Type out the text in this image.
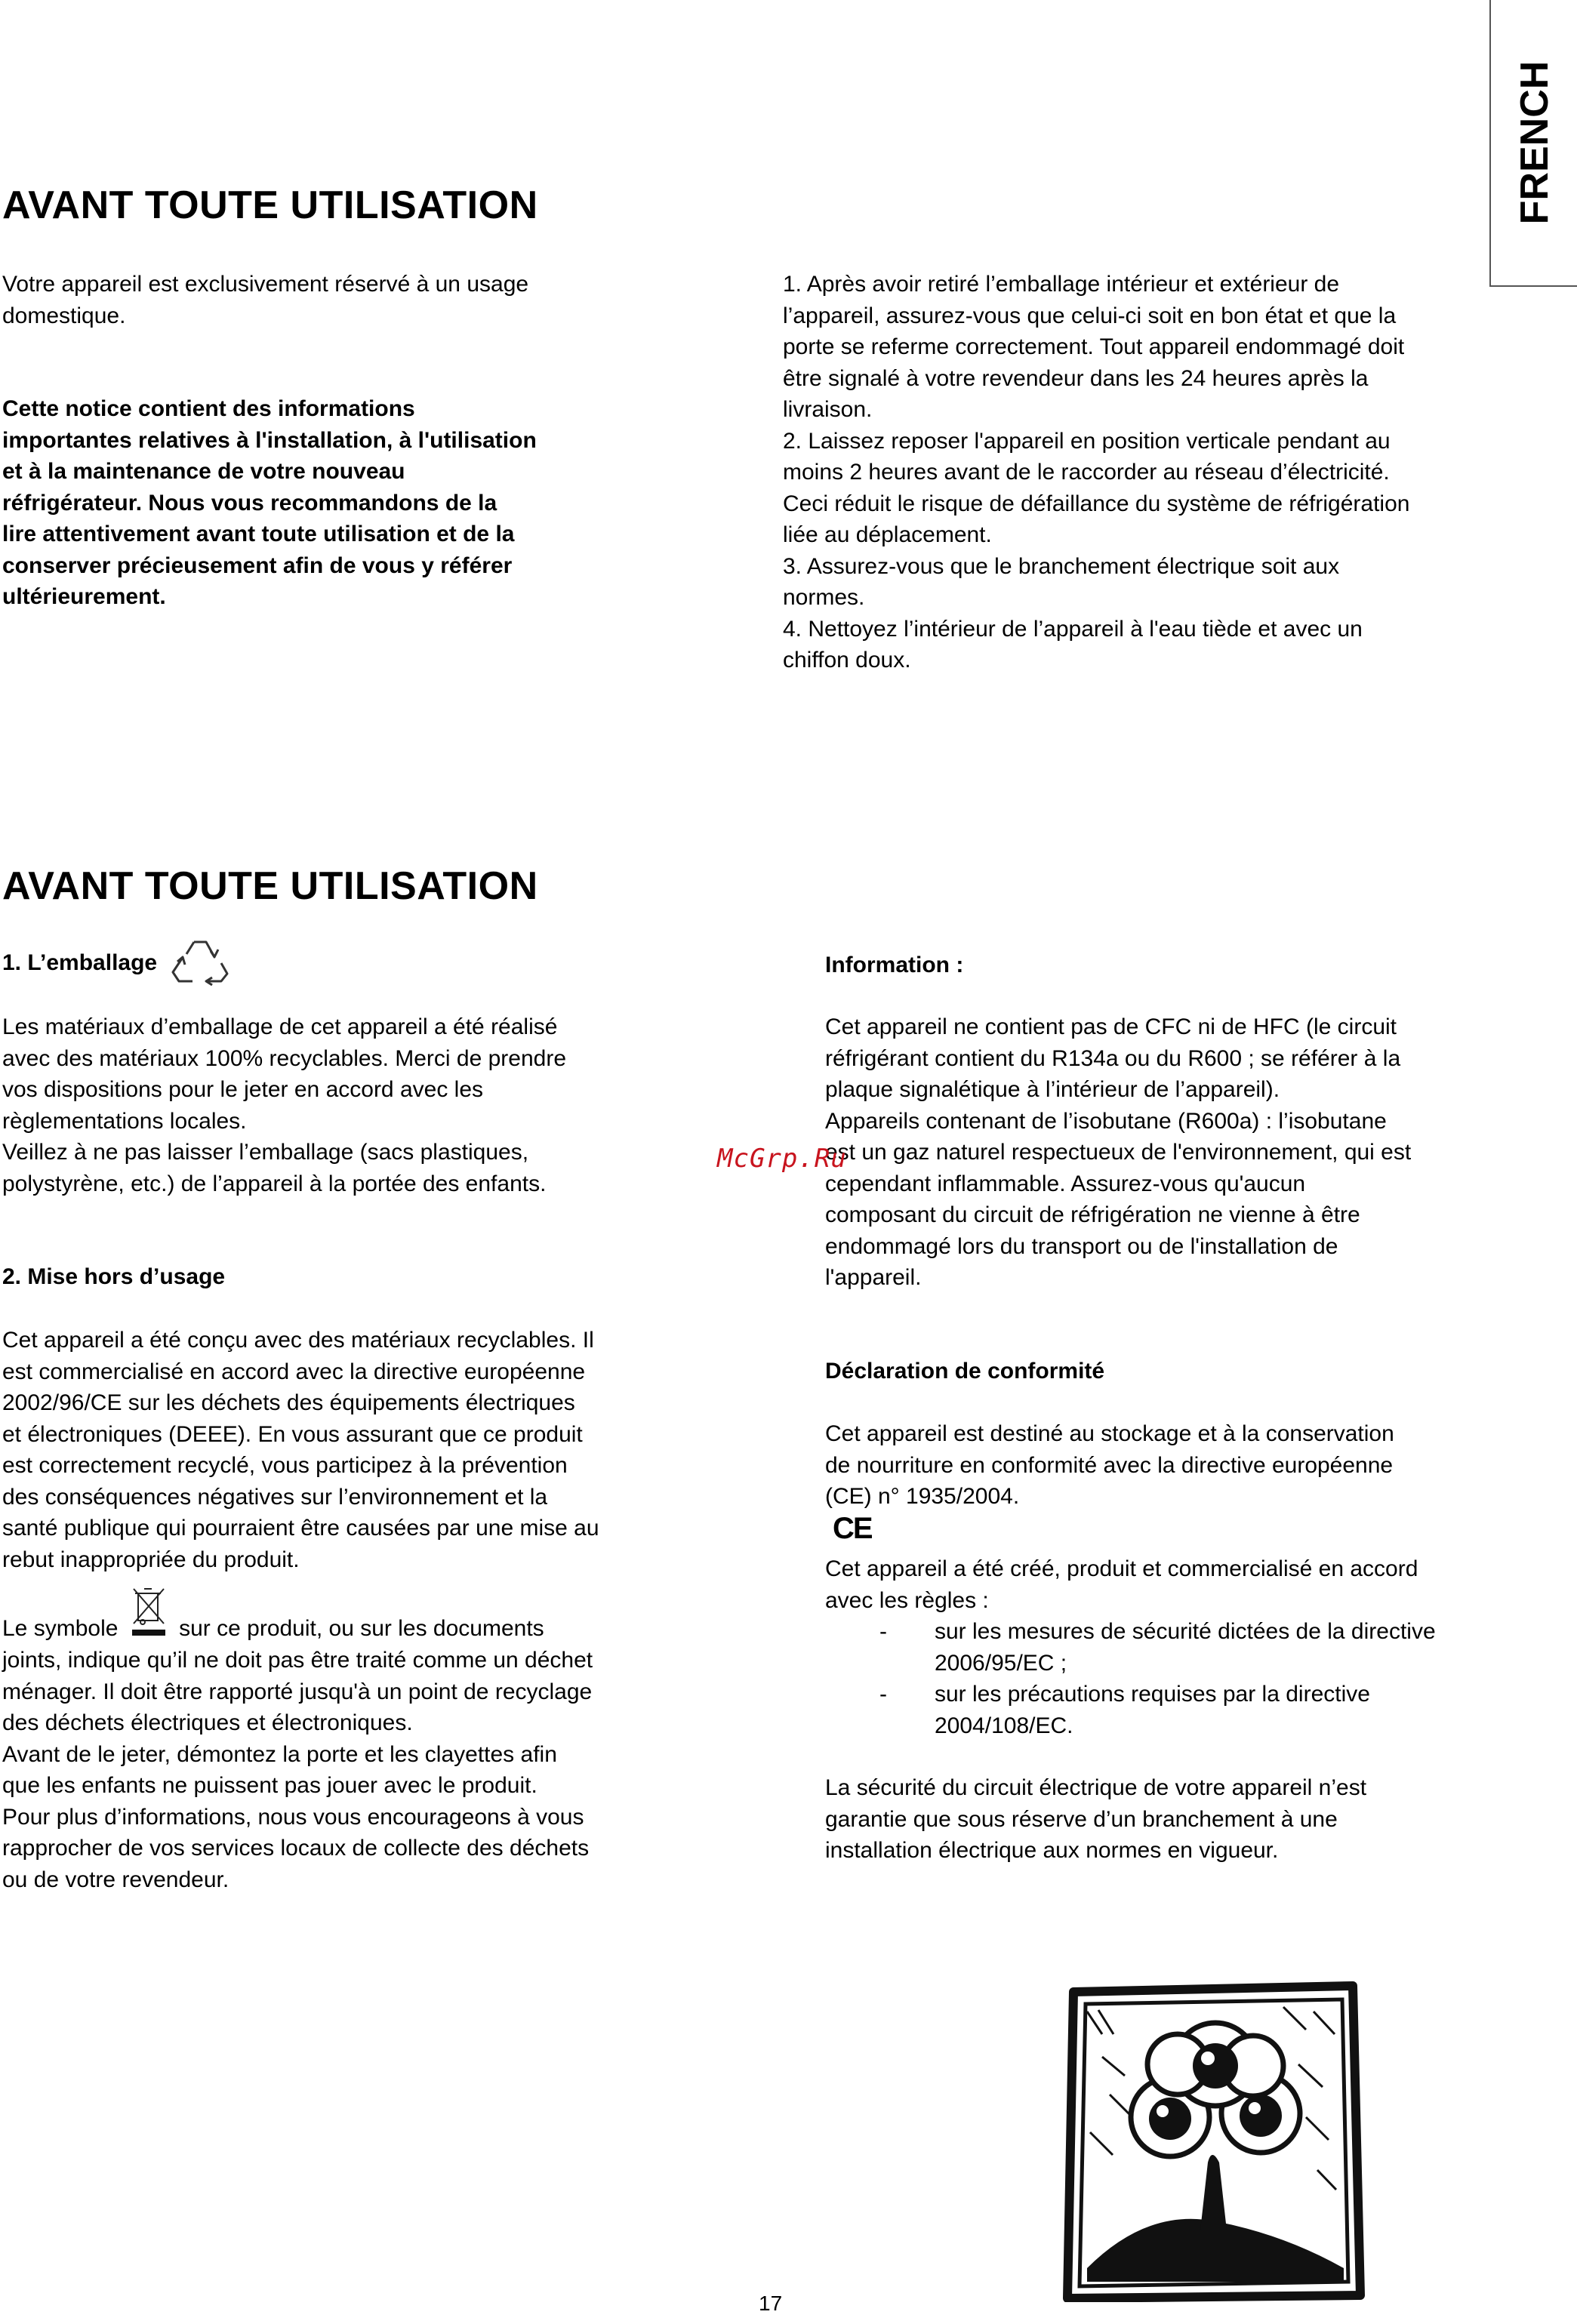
FRENCH
AVANT TOUTE UTILISATION

Votre appareil est exclusivement réservé à un usage
domestique.

Cette notice contient des informations
importantes relatives à l'installation, à l'utilisation
et à la maintenance de votre nouveau
réfrigérateur. Nous vous recommandons de la
lire attentivement avant toute utilisation et de la
conserver précieusement afin de vous y référer
ultérieurement.

1. Après avoir retiré l’emballage intérieur et extérieur de
l’appareil, assurez-vous que celui-ci soit en bon état et que la
porte se referme correctement. Tout appareil endommagé doit
être signalé à votre revendeur dans les 24 heures après la
livraison.
2. Laissez reposer l'appareil en position verticale pendant au
moins 2 heures avant de le raccorder au réseau d’électricité.
Ceci réduit le risque de défaillance du système de réfrigération
liée au déplacement.
3. Assurez-vous que le branchement électrique soit aux
normes.
4. Nettoyez l’intérieur de l’appareil à l'eau tiède et avec un
chiffon doux.

AVANT TOUTE UTILISATION
1. L’emballage

Les matériaux d’emballage de cet appareil a été réalisé
avec des matériaux 100% recyclables. Merci de prendre
vos dispositions pour le jeter en accord avec les
règlementations locales.
Veillez à ne pas laisser l’emballage (sacs plastiques,
polystyrène, etc.) de l’appareil à la portée des enfants.

2. Mise hors d’usage

Cet appareil a été conçu avec des matériaux recyclables. Il
est commercialisé en accord avec la directive européenne
2002/96/CE sur les déchets des équipements électriques
et électroniques (DEEE). En vous assurant que ce produit
est correctement recyclé, vous participez à la prévention
des conséquences négatives sur l’environnement et la
santé publique qui pourraient être causées par une mise au
rebut inappropriée du produit.

Le symbole	sur ce produit, ou sur les documents

joints, indique qu’il ne doit pas être traité comme un déchet
ménager. Il doit être rapporté jusqu'à un point de recyclage
des déchets électriques et électroniques.
Avant de le jeter, démontez la porte et les clayettes afin
que les enfants ne puissent pas jouer avec le produit.
Pour plus d’informations, nous vous encourageons à vous
rapprocher de vos services locaux de collecte des déchets
ou de votre revendeur.

Information :

Cet appareil ne contient pas de CFC ni de HFC (le circuit
réfrigérant contient du R134a ou du R600 ; se référer à la
plaque signalétique à l’intérieur de l’appareil).
Appareils contenant de l’isobutane (R600a) : l’isobutane
est un gaz naturel respectueux de l'environnement, qui est
cependant inflammable. Assurez-vous qu'aucun
composant du circuit de réfrigération ne vienne à être
endommagé lors du transport ou de l'installation de
l'appareil.

Déclaration de conformité

Cet appareil est destiné au stockage et à la conservation
de nourriture en conformité avec la directive européenne
(CE) n° 1935/2004.

CE

Cet appareil a été créé, produit et commercialisé en accord
avec les règles :

-	sur les mesures de sécurité dictées de la directive
2006/95/EC ;
-	sur les précautions requises par la directive
2004/108/EC.

La sécurité du circuit électrique de votre appareil n’est
garantie que sous réserve d’un branchement à une
installation électrique aux normes en vigueur.

McGrp.Ru
17
